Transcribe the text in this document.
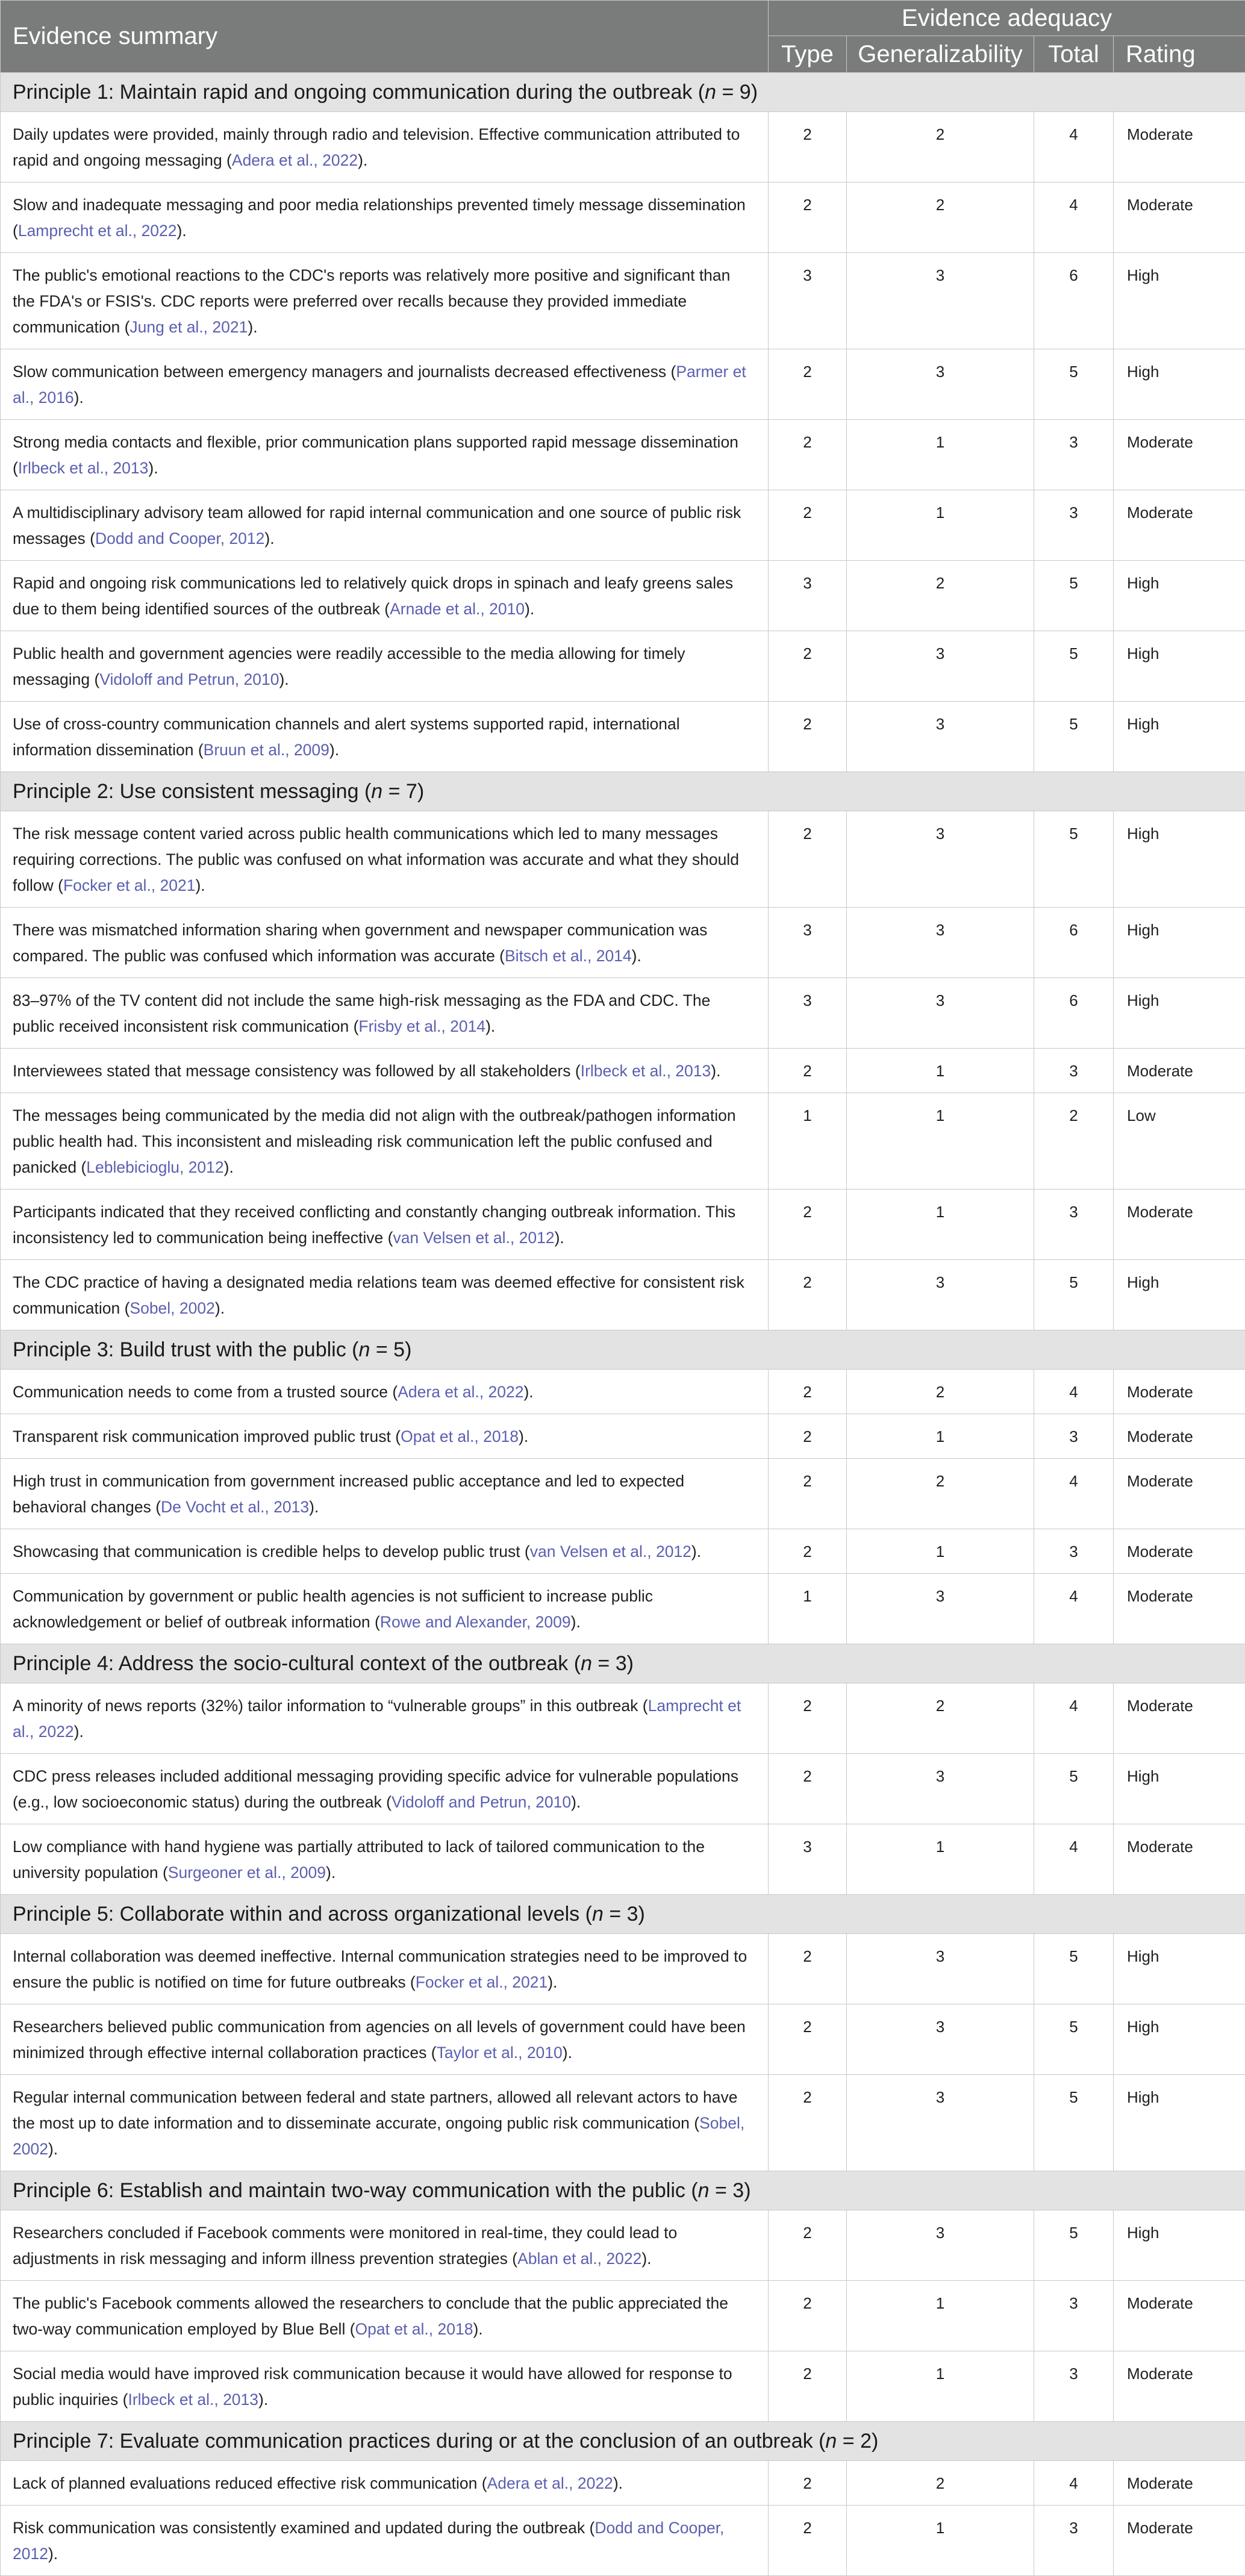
Evidence summary	Evidence adequacy			
	Type	Generalizability	Total	Rating
Principle 1: Maintain rapid and ongoing communication during the outbreak (n = 9)				
Daily updates were provided, mainly through radio and television. Effective communication attributed to rapid and ongoing messaging (Adera et al., 2022).	2	2	4	Moderate
Slow and inadequate messaging and poor media relationships prevented timely message dissemination (Lamprecht et al., 2022).	2	2	4	Moderate
The public's emotional reactions to the CDC's reports was relatively more positive and significant than the FDA's or FSIS's. CDC reports were preferred over recalls because they provided immediate communication (Jung et al., 2021).	3	3	6	High
Slow communication between emergency managers and journalists decreased effectiveness (Parmer et al., 2016).	2	3	5	High
Strong media contacts and flexible, prior communication plans supported rapid message dissemination (Irlbeck et al., 2013).	2	1	3	Moderate
A multidisciplinary advisory team allowed for rapid internal communication and one source of public risk messages (Dodd and Cooper, 2012).	2	1	3	Moderate
Rapid and ongoing risk communications led to relatively quick drops in spinach and leafy greens sales due to them being identified sources of the outbreak (Arnade et al., 2010).	3	2	5	High
Public health and government agencies were readily accessible to the media allowing for timely messaging (Vidoloff and Petrun, 2010).	2	3	5	High
Use of cross-country communication channels and alert systems supported rapid, international information dissemination (Bruun et al., 2009).	2	3	5	High
Principle 2: Use consistent messaging (n = 7)				
The risk message content varied across public health communications which led to many messages requiring corrections. The public was confused on what information was accurate and what they should follow (Focker et al., 2021).	2	3	5	High
There was mismatched information sharing when government and newspaper communication was compared. The public was confused which information was accurate (Bitsch et al., 2014).	3	3	6	High
83–97% of the TV content did not include the same high-risk messaging as the FDA and CDC. The public received inconsistent risk communication (Frisby et al., 2014).	3	3	6	High
Interviewees stated that message consistency was followed by all stakeholders (Irlbeck et al., 2013).	2	1	3	Moderate
The messages being communicated by the media did not align with the outbreak/pathogen information public health had. This inconsistent and misleading risk communication left the public confused and panicked (Leblebicioglu, 2012).	1	1	2	Low
Participants indicated that they received conflicting and constantly changing outbreak information. This inconsistency led to communication being ineffective (van Velsen et al., 2012).	2	1	3	Moderate
The CDC practice of having a designated media relations team was deemed effective for consistent risk communication (Sobel, 2002).	2	3	5	High
Principle 3: Build trust with the public (n = 5)				
Communication needs to come from a trusted source (Adera et al., 2022).	2	2	4	Moderate
Transparent risk communication improved public trust (Opat et al., 2018).	2	1	3	Moderate
High trust in communication from government increased public acceptance and led to expected behavioral changes (De Vocht et al., 2013).	2	2	4	Moderate
Showcasing that communication is credible helps to develop public trust (van Velsen et al., 2012).	2	1	3	Moderate
Communication by government or public health agencies is not sufficient to increase public acknowledgement or belief of outbreak information (Rowe and Alexander, 2009).	1	3	4	Moderate
Principle 4: Address the socio-cultural context of the outbreak (n = 3)				
A minority of news reports (32%) tailor information to “vulnerable groups” in this outbreak (Lamprecht et al., 2022).	2	2	4	Moderate
CDC press releases included additional messaging providing specific advice for vulnerable populations (e.g., low socioeconomic status) during the outbreak (Vidoloff and Petrun, 2010).	2	3	5	High
Low compliance with hand hygiene was partially attributed to lack of tailored communication to the university population (Surgeoner et al., 2009).	3	1	4	Moderate
Principle 5: Collaborate within and across organizational levels (n = 3)				
Internal collaboration was deemed ineffective. Internal communication strategies need to be improved to ensure the public is notified on time for future outbreaks (Focker et al., 2021).	2	3	5	High
Researchers believed public communication from agencies on all levels of government could have been minimized through effective internal collaboration practices (Taylor et al., 2010).	2	3	5	High
Regular internal communication between federal and state partners, allowed all relevant actors to have the most up to date information and to disseminate accurate, ongoing public risk communication (Sobel, 2002).	2	3	5	High
Principle 6: Establish and maintain two-way communication with the public (n = 3)				
Researchers concluded if Facebook comments were monitored in real-time, they could lead to adjustments in risk messaging and inform illness prevention strategies (Ablan et al., 2022).	2	3	5	High
The public's Facebook comments allowed the researchers to conclude that the public appreciated the two-way communication employed by Blue Bell (Opat et al., 2018).	2	1	3	Moderate
Social media would have improved risk communication because it would have allowed for response to public inquiries (Irlbeck et al., 2013).	2	1	3	Moderate
Principle 7: Evaluate communication practices during or at the conclusion of an outbreak (n = 2)				
Lack of planned evaluations reduced effective risk communication (Adera et al., 2022).	2	2	4	Moderate
Risk communication was consistently examined and updated during the outbreak (Dodd and Cooper, 2012).	2	1	3	Moderate
